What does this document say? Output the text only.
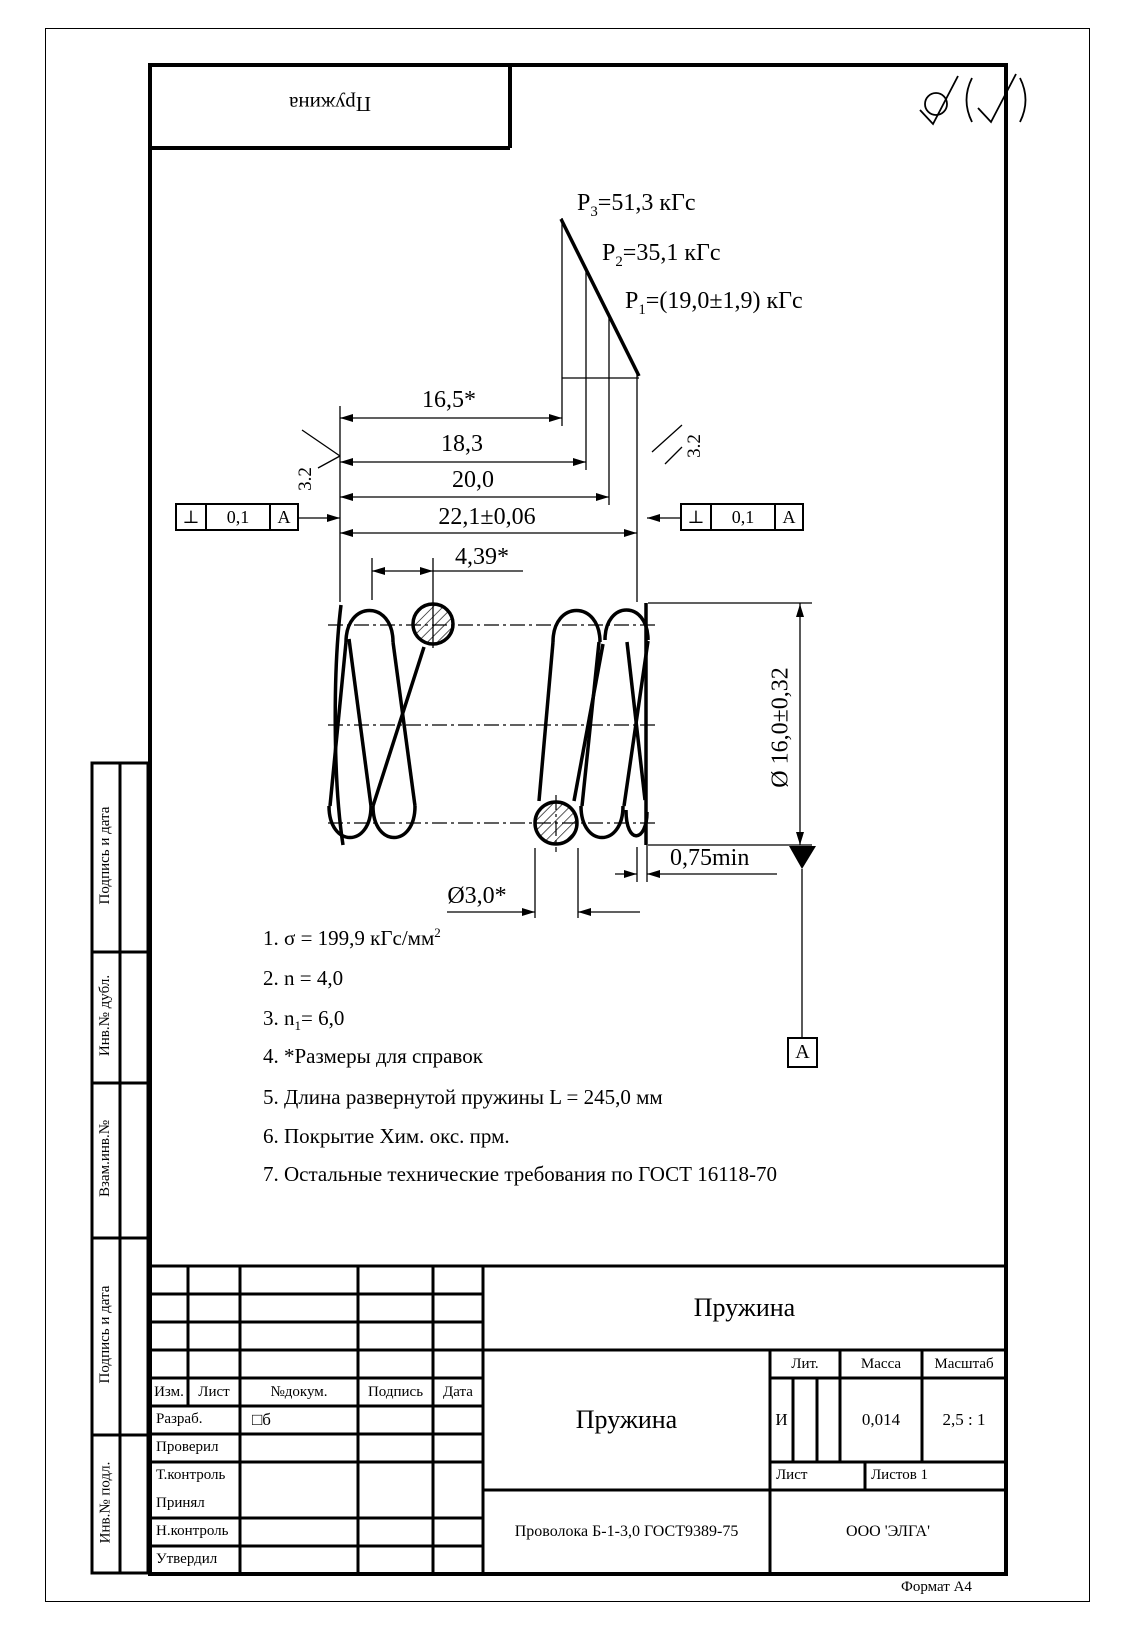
Пружина
$P_3=51,3$ кГс
$P_2=35,1$ кГс
$P_1=(19,0\pm 1,9)$ кГс
16,5*
18,3
20,0
22,1±0,06
4,39*
Ø3,0*
0,75min
Ø 16,0±0,32
3.2
3.2
⊥	0,1	А	⊥	0,1	А
А
1. σ = 199,9 кГс/$мм^2$
2. n = 4,0
3. $n_1= 6,0$
4. *Размеры для справок
5. Длина развернутой пружины L = 245,0 мм
6. Покрытие Хим. окс. прм.
7. Остальные технические требования по ГОСТ 16118-70
Подпись и дата
Инв.№ дубл.
Взам.инв.№
Подпись и дата
Инв.№ подл.
Изм. Лист	№докум.	Подпись	Дата
Разраб.	□б
Проверил
Т.контроль
Принял
Н.контроль
Утвердил
Пружина
Пружина
Лит.	Масса	Масштаб
И	0,014	2,5 : 1
Лист	Листов 1
Проволока Б-1-3,0 ГОСТ9389-75	ООО 'ЭЛГА'
Формат А4
